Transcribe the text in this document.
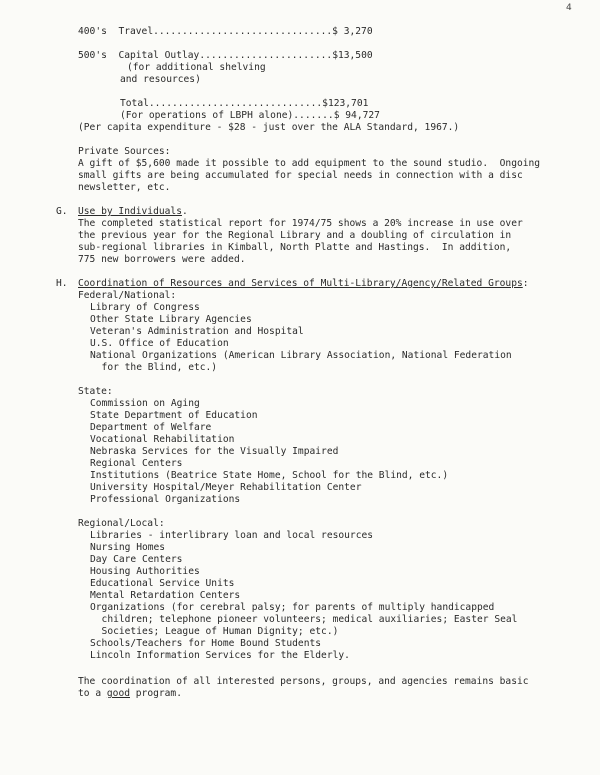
4
400's Travel...............................$ 3,270
500's Capital Outlay.......................$13,500
(for additional shelving
and resources)
Total..............................$123,701
(For operations of LBPH alone).......$ 94,727
(Per capita expenditure - $28 - just over the ALA Standard, 1967.)
Private Sources:
A gift of $5,600 made it possible to add equipment to the sound studio.  Ongoing
small gifts are being accumulated for special needs in connection with a disc
newsletter, etc.
G. Use by Individuals.
The completed statistical report for 1974/75 shows a 20% increase in use over
the previous year for the Regional Library and a doubling of circulation in
sub-regional libraries in Kimball, North Platte and Hastings.  In addition,
775 new borrowers were added.
H. Coordination of Resources and Services of Multi-Library/Agency/Related Groups:
Federal/National:
Library of Congress
Other State Library Agencies
Veteran's Administration and Hospital
U.S. Office of Education
National Organizations (American Library Association, National Federation
for the Blind, etc.)
State:
Commission on Aging
State Department of Education
Department of Welfare
Vocational Rehabilitation
Nebraska Services for the Visually Impaired
Regional Centers
Institutions (Beatrice State Home, School for the Blind, etc.)
University Hospital/Meyer Rehabilitation Center
Professional Organizations
Regional/Local:
Libraries - interlibrary loan and local resources
Nursing Homes
Day Care Centers
Housing Authorities
Educational Service Units
Mental Retardation Centers
Organizations (for cerebral palsy; for parents of multiply handicapped
children; telephone pioneer volunteers; medical auxiliaries; Easter Seal
Societies; League of Human Dignity; etc.)
Schools/Teachers for Home Bound Students
Lincoln Information Services for the Elderly.
The coordination of all interested persons, groups, and agencies remains basic
to a good program.
